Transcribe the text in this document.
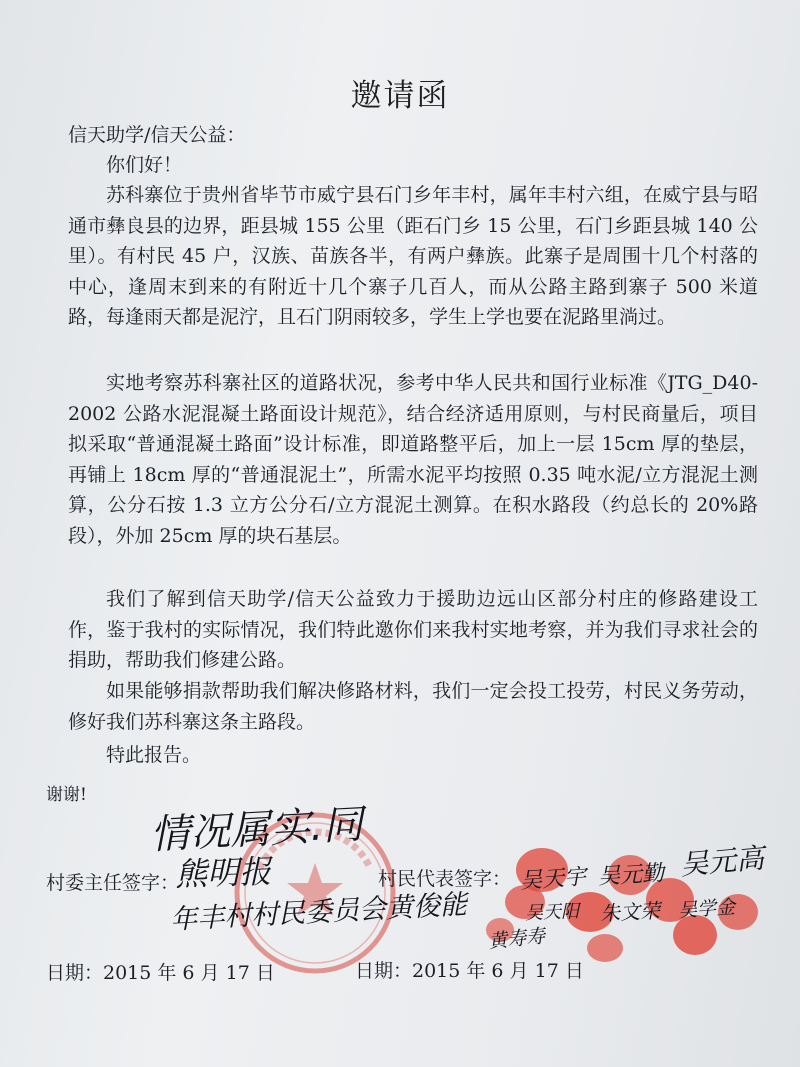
邀请函
信天助学/信天公益：
你们好！

苏科寨位于贵州省毕节市威宁县石门乡年丰村，属年丰村六组，在威宁县与昭通市彝良县的边界，距县城 155 公里（距石门乡 15 公里，石门乡距县城 140 公里）。有村民 45 户，汉族、苗族各半，有两户彝族。此寨子是周围十几个村落的中心，逢周末到来的有附近十几个寨子几百人，而从公路主路到寨子 500 米道路，每逢雨天都是泥泞，且石门阴雨较多，学生上学也要在泥路里淌过。

实地考察苏科寨社区的道路状况，参考中华人民共和国行业标准《JTG_D40-2002 公路水泥混凝土路面设计规范》，结合经济适用原则，与村民商量后，项目拟采取“普通混凝土路面”设计标准，即道路整平后，加上一层 15cm 厚的垫层，再铺上 18cm 厚的“普通混泥土”，所需水泥平均按照 0.35 吨水泥/立方混泥土测算，公分石按 1.3 立方公分石/立方混泥土测算。在积水路段（约总长的 20%路段），外加 25cm 厚的块石基层。

我们了解到信天助学/信天公益致力于援助边远山区部分村庄的修路建设工作，鉴于我村的实际情况，我们特此邀你们来我村实地考察，并为我们寻求社会的捐助，帮助我们修建公路。

如果能够捐款帮助我们解决修路材料，我们一定会投工投劳，村民义务劳动，修好我们苏科寨这条主路段。

特此报告。
谢谢!
村委主任签字：	村民代表签字：
情况属实.同
熊明报
年丰村村民委员会黄俊能
吴天宇 吴元勤 吴元高
吴天阳 朱文荣 吴学金
黄寿寿
日期：2015 年 6 月 17 日	日期：2015 年 6 月 17 日
